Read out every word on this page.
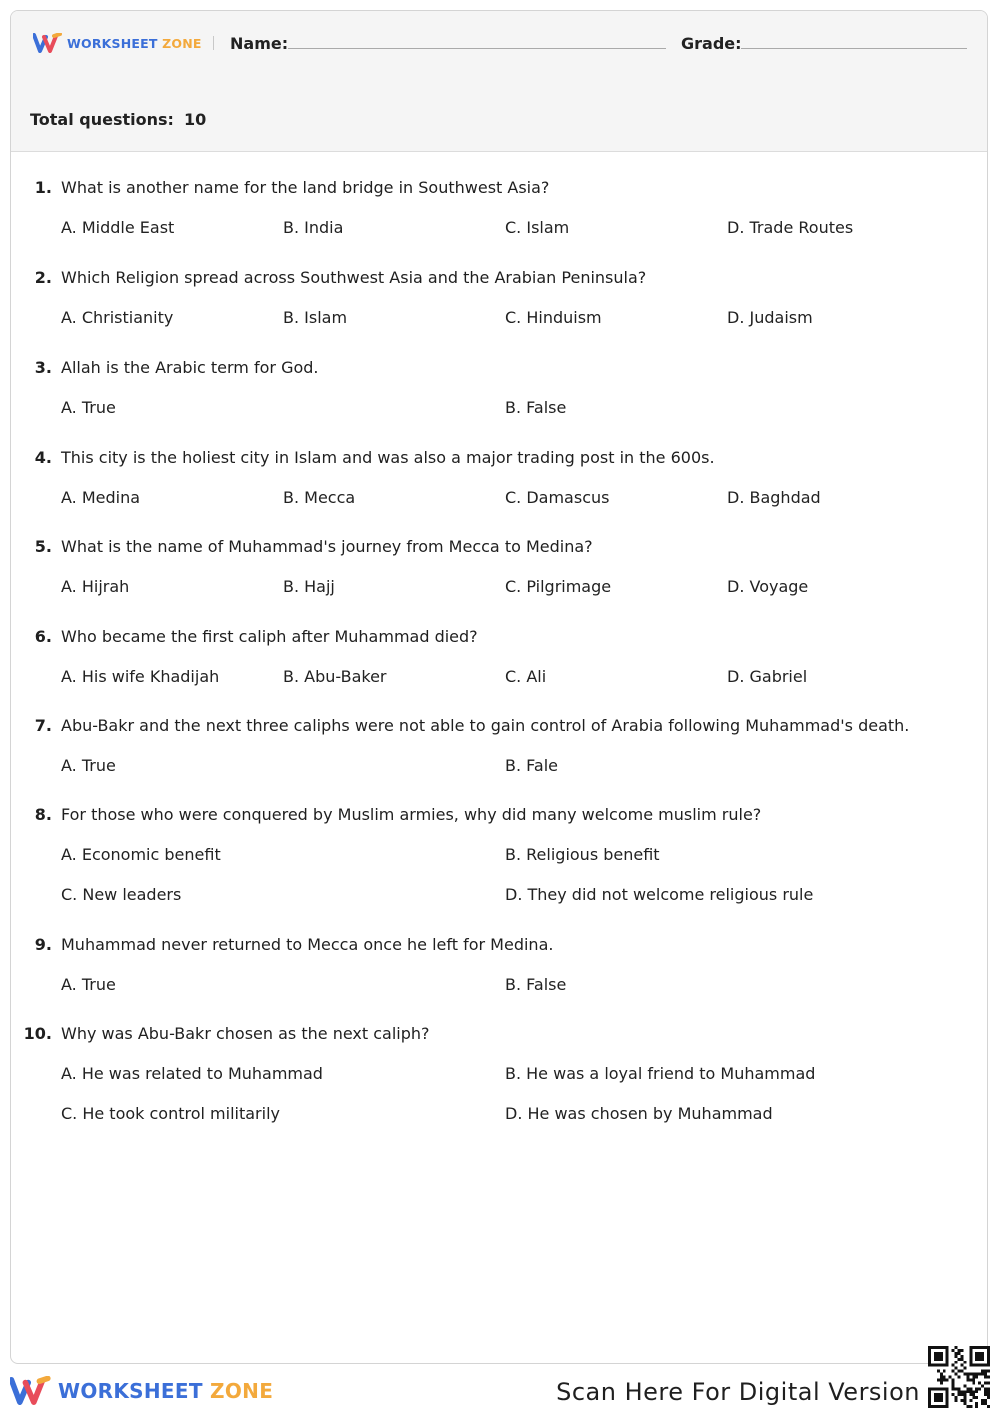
WORKSHEET ZONE Name:	Grade:
Total questions: 10
1. What is another name for the land bridge in Southwest Asia?
A. Middle East	B. India	C. Islam	D. Trade Routes
2. Which Religion spread across Southwest Asia and the Arabian Peninsula?
A. Christianity	B. Islam	C. Hinduism	D. Judaism
3. Allah is the Arabic term for God.
A. True	B. False
4. This city is the holiest city in Islam and was also a major trading post in the 600s.
A. Medina	B. Mecca	C. Damascus	D. Baghdad
5. What is the name of Muhammad's journey from Mecca to Medina?
A. Hijrah	B. Hajj	C. Pilgrimage	D. Voyage
6. Who became the first caliph after Muhammad died?
A. His wife Khadijah	B. Abu-Baker	C. Ali	D. Gabriel
7. Abu-Bakr and the next three caliphs were not able to gain control of Arabia following Muhammad's death.
A. True	B. Fale
8. For those who were conquered by Muslim armies, why did many welcome muslim rule?
A. Economic benefit	B. Religious benefit
C. New leaders	D. They did not welcome religious rule
9. Muhammad never returned to Mecca once he left for Medina.
A. True	B. False
10. Why was Abu-Bakr chosen as the next caliph?
A. He was related to Muhammad	B. He was a loyal friend to Muhammad
C. He took control militarily	D. He was chosen by Muhammad
WORKSHEET ZONE	Scan Here For Digital Version
